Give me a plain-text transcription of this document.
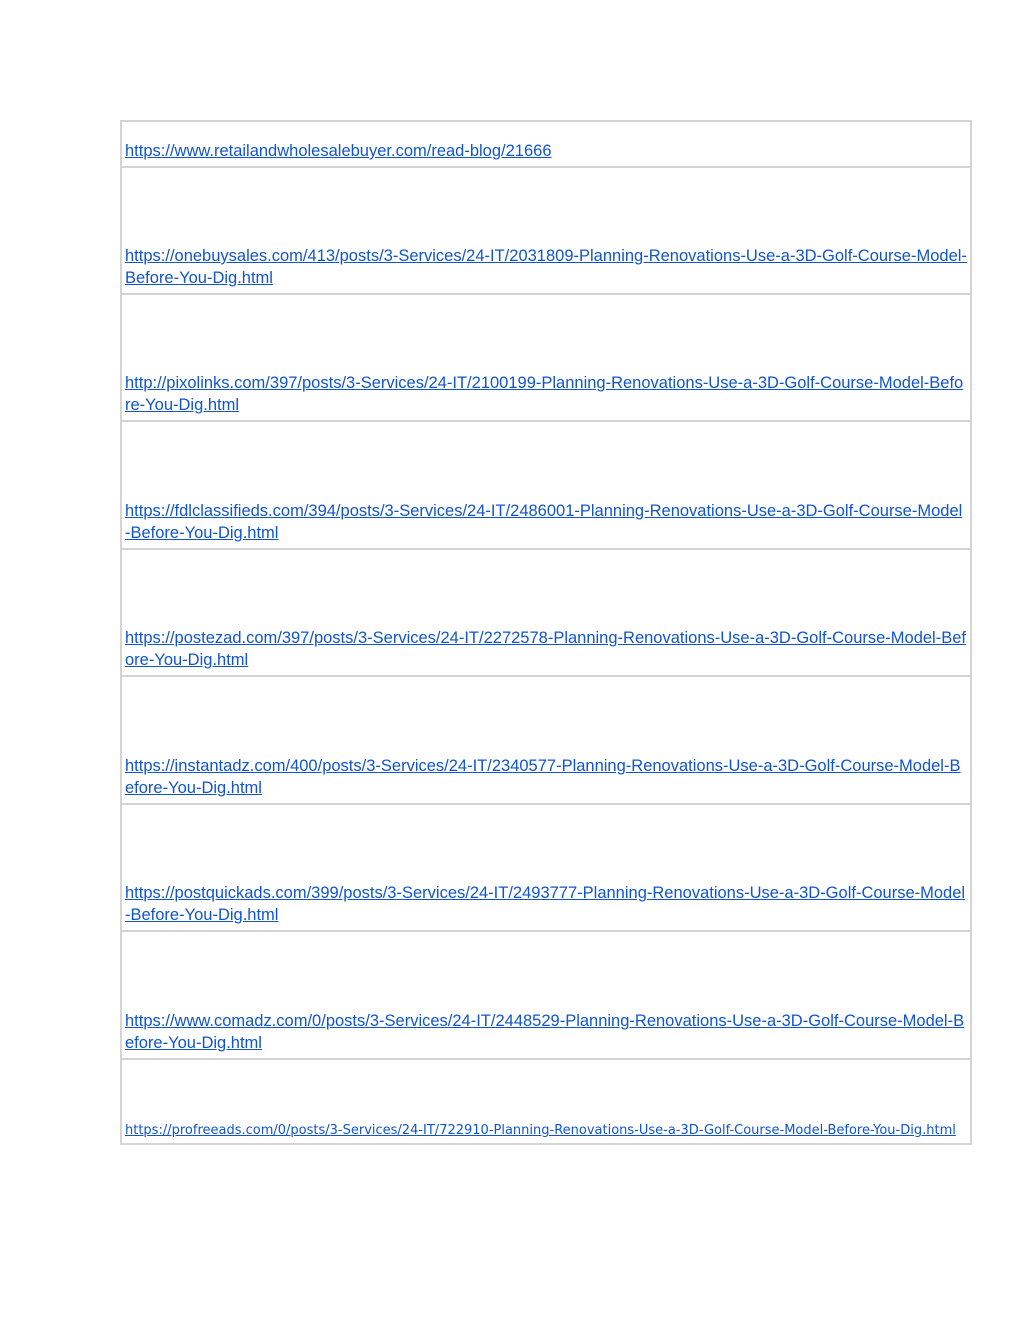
https://www.retailandwholesalebuyer.com/read-blog/21666
https://onebuysales.com/413/posts/3-Services/24-IT/2031809-Planning-Renovations-Use-a-3D-Golf-Course-Model-Before-You-Dig.html
http://pixolinks.com/397/posts/3-Services/24-IT/2100199-Planning-Renovations-Use-a-3D-Golf-Course-Model-Before-You-Dig.html
https://fdlclassifieds.com/394/posts/3-Services/24-IT/2486001-Planning-Renovations-Use-a-3D-Golf-Course-Model-Before-You-Dig.html
https://postezad.com/397/posts/3-Services/24-IT/2272578-Planning-Renovations-Use-a-3D-Golf-Course-Model-Before-You-Dig.html
https://instantadz.com/400/posts/3-Services/24-IT/2340577-Planning-Renovations-Use-a-3D-Golf-Course-Model-Before-You-Dig.html
https://postquickads.com/399/posts/3-Services/24-IT/2493777-Planning-Renovations-Use-a-3D-Golf-Course-Model-Before-You-Dig.html
https://www.comadz.com/0/posts/3-Services/24-IT/2448529-Planning-Renovations-Use-a-3D-Golf-Course-Model-Before-You-Dig.html
https://profreeads.com/0/posts/3-Services/24-IT/722910-Planning-Renovations-Use-a-3D-Golf-Course-Model-Before-You-Dig.html
